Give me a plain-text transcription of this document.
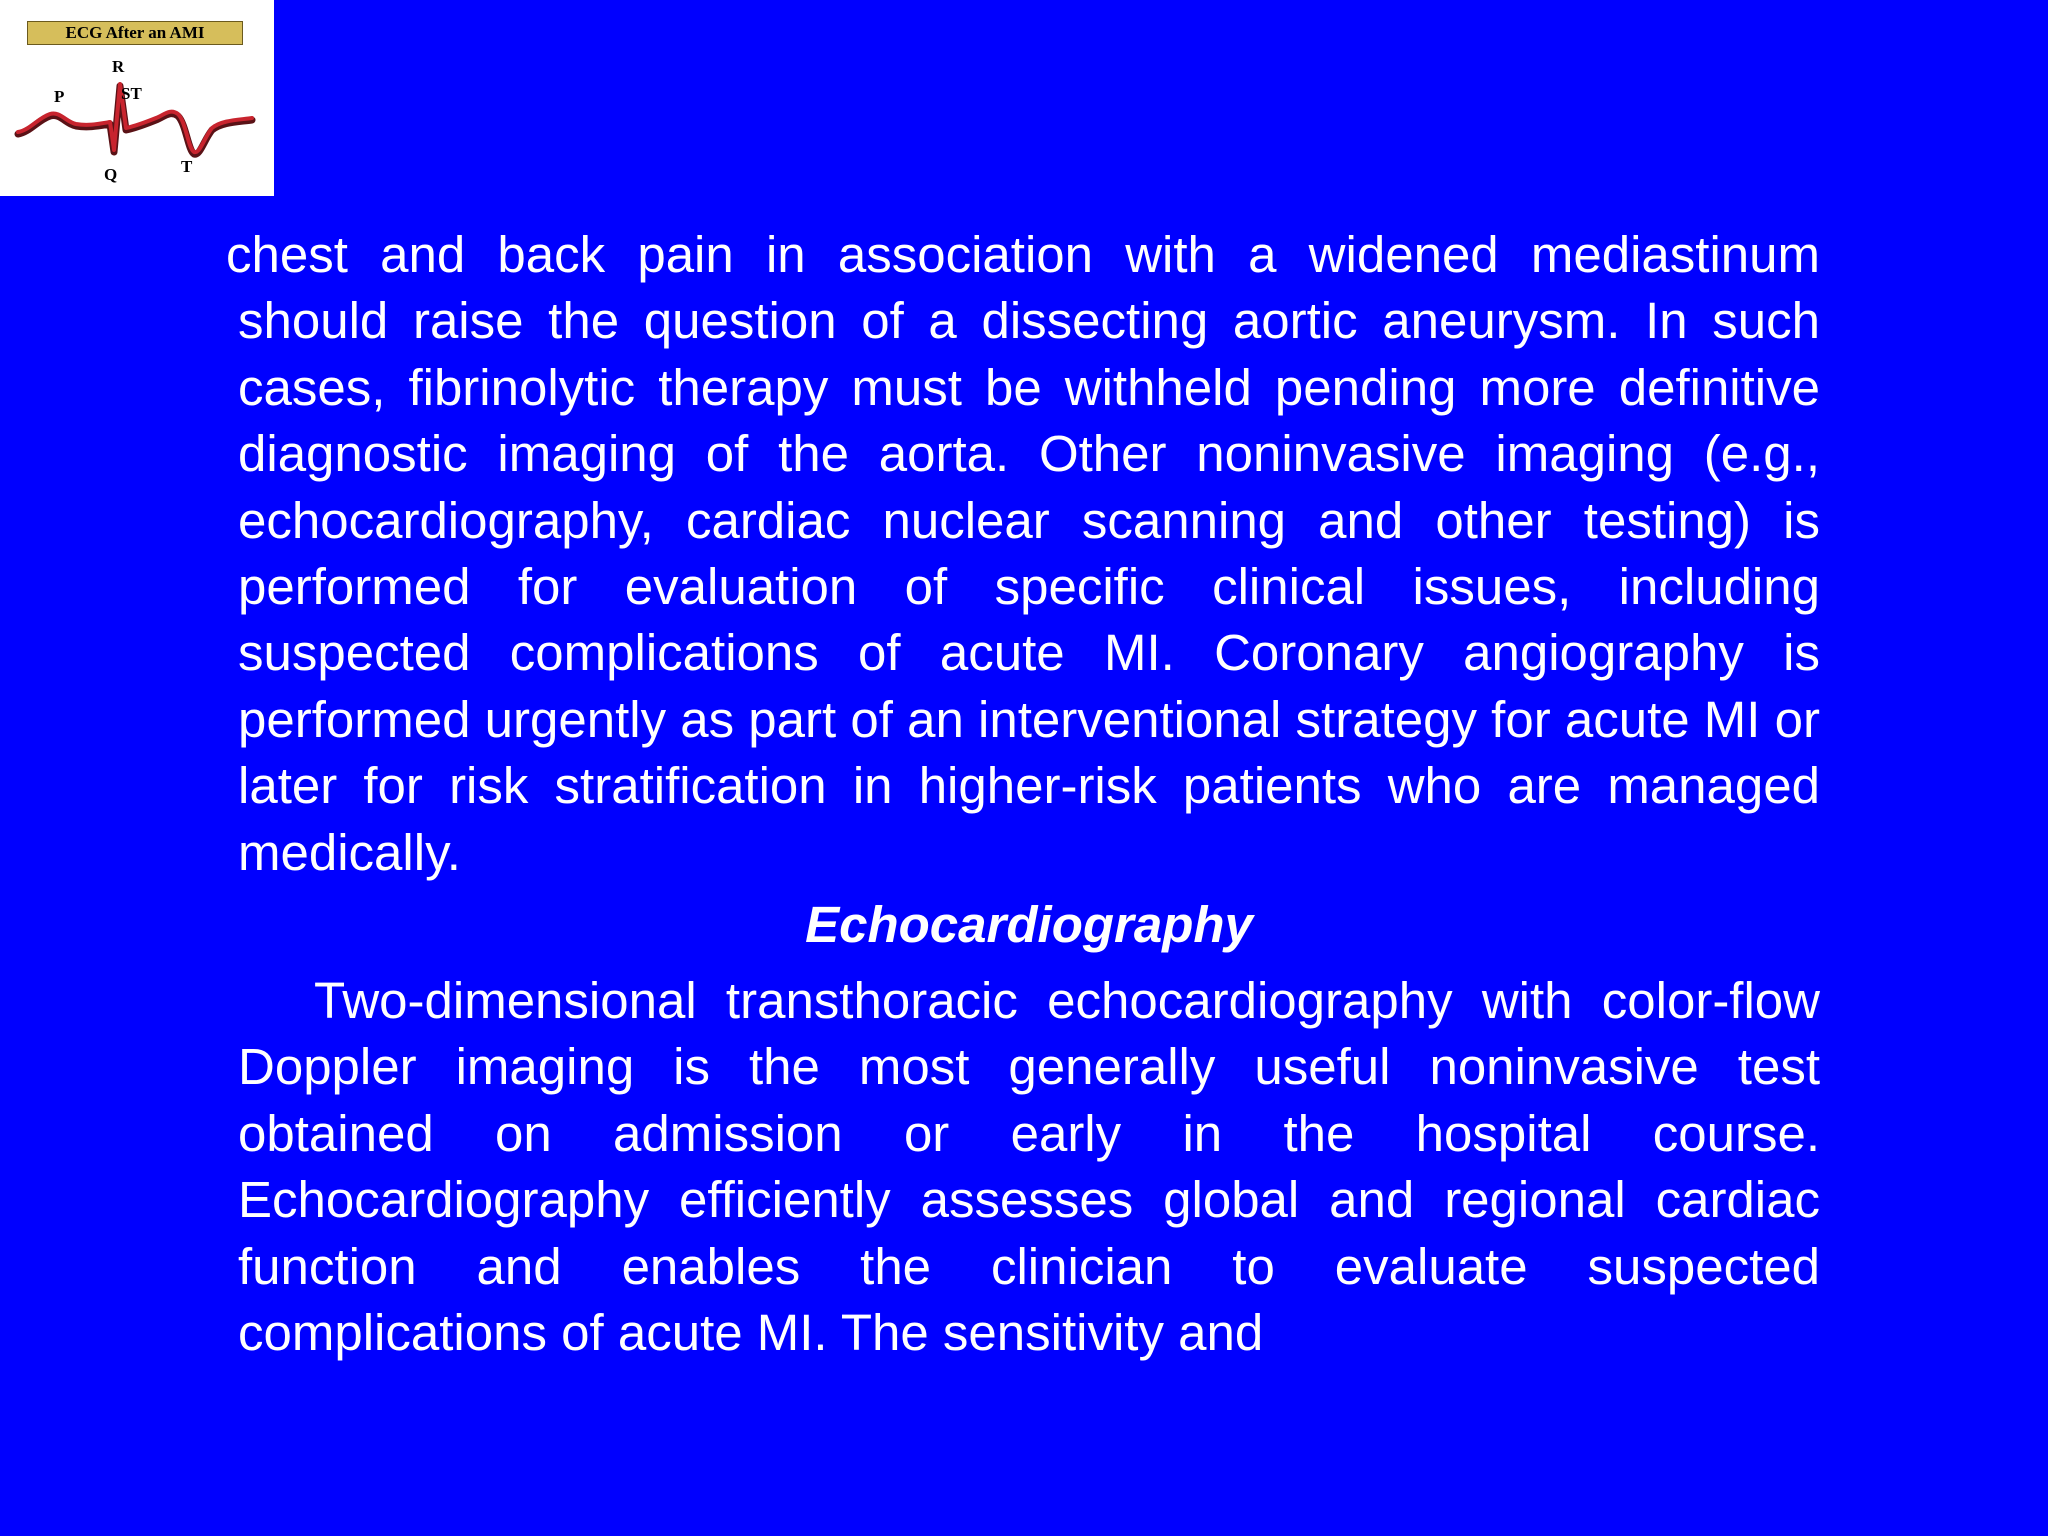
ECG After an AMI
R
P	ST
Q	T

chest and back pain in association with a widened mediastinum should raise the question of a dissecting aortic aneurysm. In such cases, fibrinolytic therapy must be withheld pending more definitive diagnostic imaging of the aorta. Other noninvasive imaging (e.g., echocardiography, cardiac nuclear scanning and other testing) is performed for evaluation of specific clinical issues, including suspected complications of acute MI. Coronary angiography is performed urgently as part of an interventional strategy for acute MI or later for risk stratification in higher-risk patients who are managed medically.

Echocardiography

Two-dimensional transthoracic echocardiography with color-flow Doppler imaging is the most generally useful noninvasive test obtained on admission or early in the hospital course. Echocardiography efficiently assesses global and regional cardiac function and enables the clinician to evaluate suspected complications of acute MI. The sensitivity and
